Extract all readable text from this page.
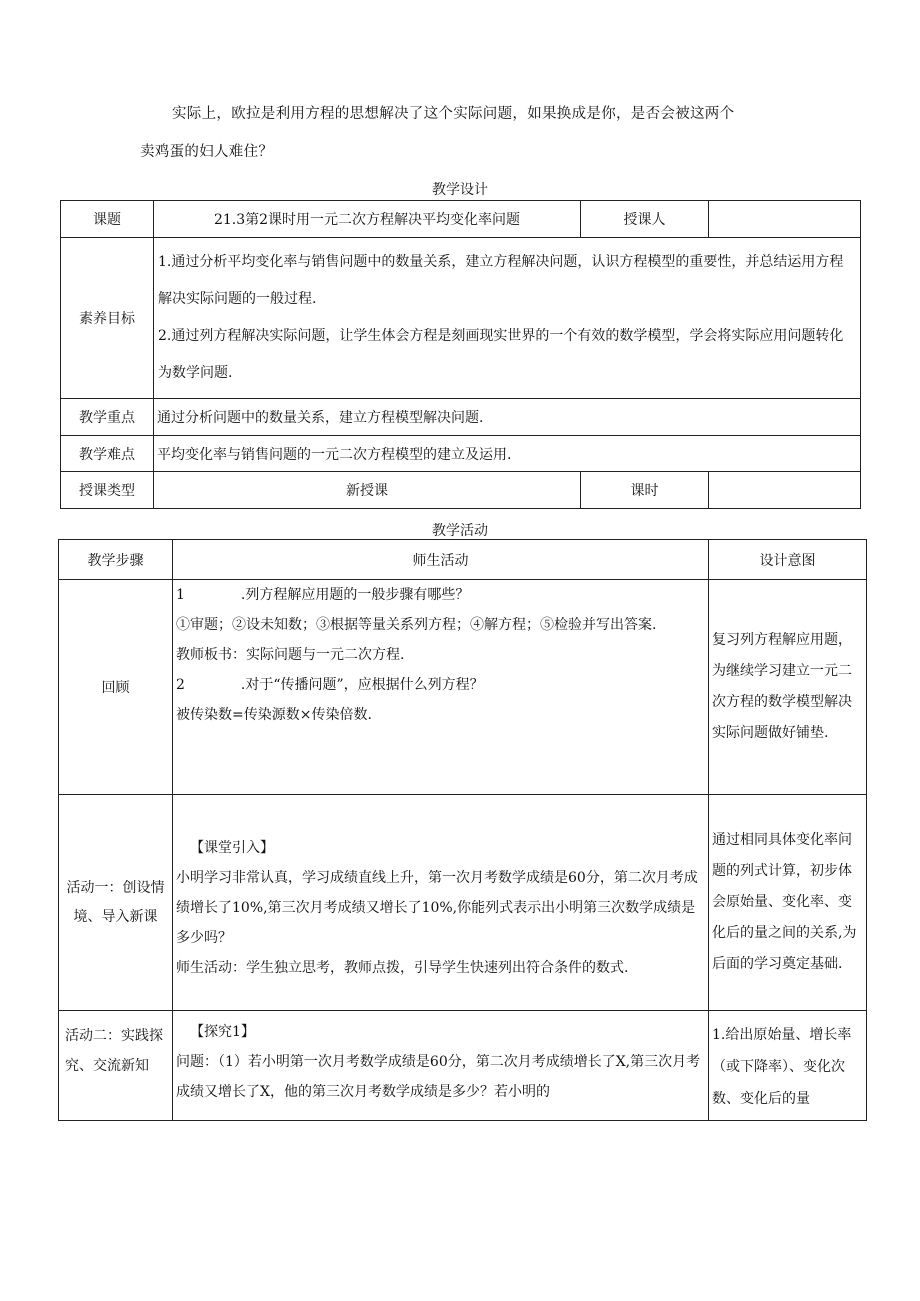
实际上，欧拉是利用方程的思想解决了这个实际问题，如果换成是你，是否会被这两个
卖鸡蛋的妇人难住？
教学设计
课题	21.3第2课时用一元二次方程解决平均变化率问题	授课人	
素养目标	1.通过分析平均变化率与销售问题中的数量关系，建立方程解决问题，认识方程模型的重要性，并总结运用方程解决实际问题的一般过程.

2.通过列方程解决实际问题，让学生体会方程是刻画现实世界的一个有效的数学模型，学会将实际应用问题转化为数学问题.		

教学重点	通过分析问题中的数量关系，建立方程模型解决问题.		
教学难点	平均变化率与销售问题的一元二次方程模型的建立及运用.		
授课类型	新授课	课时	
教学活动
教学步骤	师生活动	设计意图
回顾	1 .列方程解应用题的一般步骤有哪些？

①审题；②设未知数；③根据等量关系列方程；④解方程；⑤检验并写出答案.

教师板书：实际问题与一元二次方程.

2 .对于“传播问题”，应根据什么列方程？

被传染数=传染源数×传染倍数.	复习列方程解应用题，为继续学习建立一元二次方程的数学模型解决实际问题做好铺垫.
活动一：创设情境、导入新课	【课堂引入】

小明学习非常认真，学习成绩直线上升，第一次月考数学成绩是60分，第二次月考成绩增长了10%,第三次月考成绩又增长了10%,你能列式表示出小明第三次数学成绩是多少吗？

师生活动：学生独立思考，教师点拨，引导学生快速列出符合条件的数式.	通过相同具体变化率问题的列式计算，初步体会原始量、变化率、变化后的量之间的关系,为后面的学习奠定基础.
活动二：实践探究、交流新知	【探究1】

问题：（1）若小明第一次月考数学成绩是60分，第二次月考成绩增长了X,第三次月考成绩又增长了X，他的第三次月考数学成绩是多少？若小明的	1.给出原始量、增长率（或下降率）、变化次数、变化后的量
